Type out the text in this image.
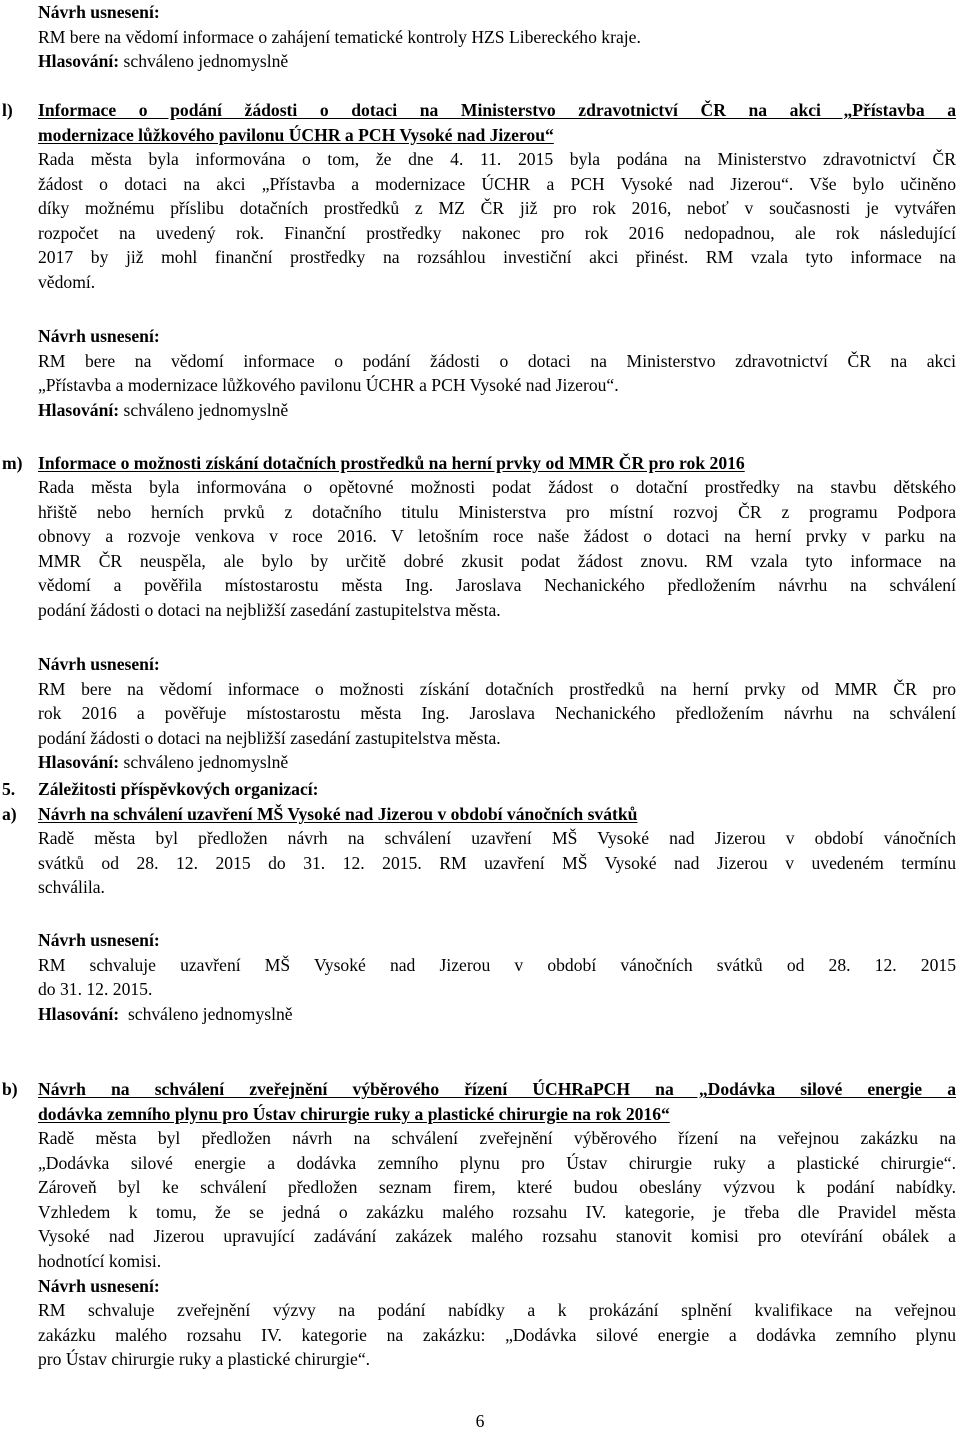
Návrh usnesení:
RM bere na vědomí informace o zahájení tematické kontroly HZS Libereckého kraje.
Hlasování: schváleno jednomyslně
l) Informace o podání žádosti o dotaci na Ministerstvo zdravotnictví ČR na akci „Přístavba a
modernizace lůžkového pavilonu ÚCHR a PCH Vysoké nad Jizerou“
Rada města byla informována o tom, že dne 4. 11. 2015 byla podána na Ministerstvo zdravotnictví ČR
žádost o dotaci na akci „Přístavba a modernizace ÚCHR a PCH Vysoké nad Jizerou“. Vše bylo učiněno
díky možnému příslibu dotačních prostředků z MZ ČR již pro rok 2016, neboť v současnosti je vytvářen
rozpočet na uvedený rok. Finanční prostředky nakonec pro rok 2016 nedopadnou, ale rok následující
2017 by již mohl finanční prostředky na rozsáhlou investiční akci přinést. RM vzala tyto informace na
vědomí.
Návrh usnesení:
RM bere na vědomí informace o podání žádosti o dotaci na Ministerstvo zdravotnictví ČR na akci
„Přístavba a modernizace lůžkového pavilonu ÚCHR a PCH Vysoké nad Jizerou“.
Hlasování: schváleno jednomyslně
m) Informace o možnosti získání dotačních prostředků na herní prvky od MMR ČR pro rok 2016
Rada města byla informována o opětovné možnosti podat žádost o dotační prostředky na stavbu dětského
hřiště nebo herních prvků z dotačního titulu Ministerstva pro místní rozvoj ČR z programu Podpora
obnovy a rozvoje venkova v roce 2016. V letošním roce naše žádost o dotaci na herní prvky v parku na
MMR ČR neuspěla, ale bylo by určitě dobré zkusit podat žádost znovu. RM vzala tyto informace na
vědomí a pověřila místostarostu města Ing. Jaroslava Nechanického předložením návrhu na schválení
podání žádosti o dotaci na nejbližší zasedání zastupitelstva města.
Návrh usnesení:
RM bere na vědomí informace o možnosti získání dotačních prostředků na herní prvky od MMR ČR pro
rok 2016 a pověřuje místostarostu města Ing. Jaroslava Nechanického předložením návrhu na schválení
podání žádosti o dotaci na nejbližší zasedání zastupitelstva města.
Hlasování: schváleno jednomyslně
5. Záležitosti příspěvkových organizací:
a) Návrh na schválení uzavření MŠ Vysoké nad Jizerou v období vánočních svátků
Radě města byl předložen návrh na schválení uzavření MŠ Vysoké nad Jizerou v období vánočních
svátků od 28. 12. 2015 do 31. 12. 2015. RM uzavření MŠ Vysoké nad Jizerou v uvedeném termínu
schválila.
Návrh usnesení:
RM schvaluje uzavření MŠ Vysoké nad Jizerou v období vánočních svátků od 28. 12. 2015
do 31. 12. 2015.
Hlasování: schváleno jednomyslně
b) Návrh na schválení zveřejnění výběrového řízení ÚCHRaPCH na „Dodávka silové energie a
dodávka zemního plynu pro Ústav chirurgie ruky a plastické chirurgie na rok 2016“
Radě města byl předložen návrh na schválení zveřejnění výběrového řízení na veřejnou zakázku na
„Dodávka silové energie a dodávka zemního plynu pro Ústav chirurgie ruky a plastické chirurgie“.
Zároveň byl ke schválení předložen seznam firem, které budou obeslány výzvou k podání nabídky.
Vzhledem k tomu, že se jedná o zakázku malého rozsahu IV. kategorie, je třeba dle Pravidel města
Vysoké nad Jizerou upravující zadávání zakázek malého rozsahu stanovit komisi pro otevírání obálek a
hodnotící komisi.
Návrh usnesení:
RM schvaluje zveřejnění výzvy na podání nabídky a k prokázání splnění kvalifikace na veřejnou
zakázku malého rozsahu IV. kategorie na zakázku: „Dodávka silové energie a dodávka zemního plynu
pro Ústav chirurgie ruky a plastické chirurgie“.
6
